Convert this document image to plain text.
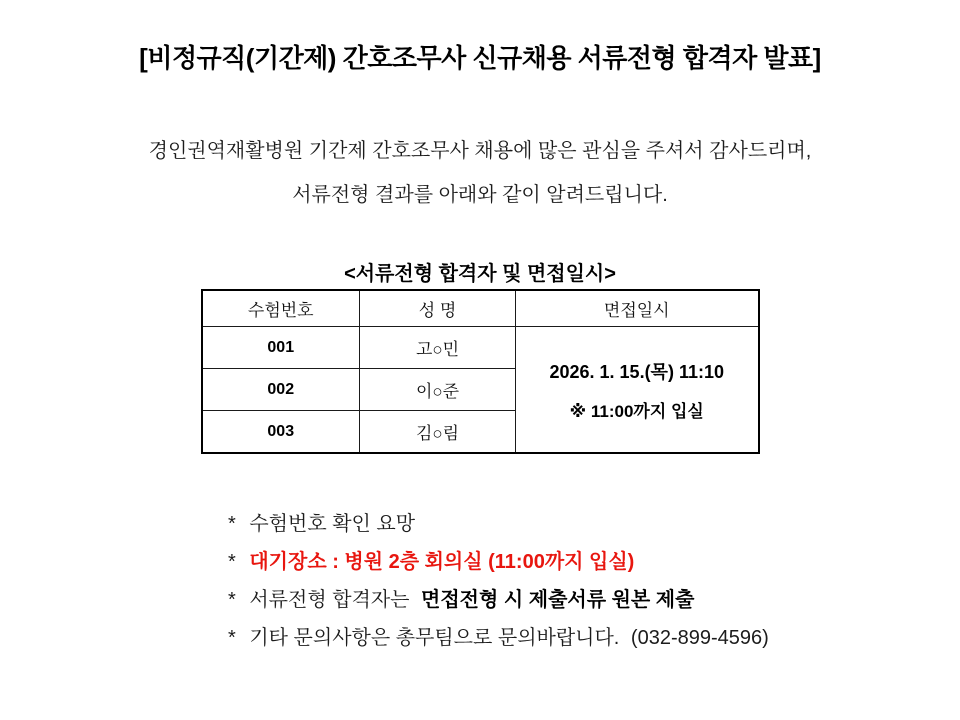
[비정규직(기간제) 간호조무사 신규채용 서류전형 합격자 발표]

경인권역재활병원 기간제 간호조무사 채용에 많은 관심을 주셔서 감사드리며,

서류전형 결과를 아래와 같이 알려드립니다.

<서류전형 합격자 및 면접일시>
수험번호	성 명	면접일시
001	고○민	2026. 1. 15.(목) 11:10
※ 11:00까지 입실

002	이○준	
003	김○림	

* 수험번호 확인 요망

* 대기장소 : 병원 2층 회의실 (11:00까지 입실)

* 서류전형 합격자는 면접전형 시 제출서류 원본 제출

* 기타 문의사항은 총무팀으로 문의바랍니다. (032-899-4596)
